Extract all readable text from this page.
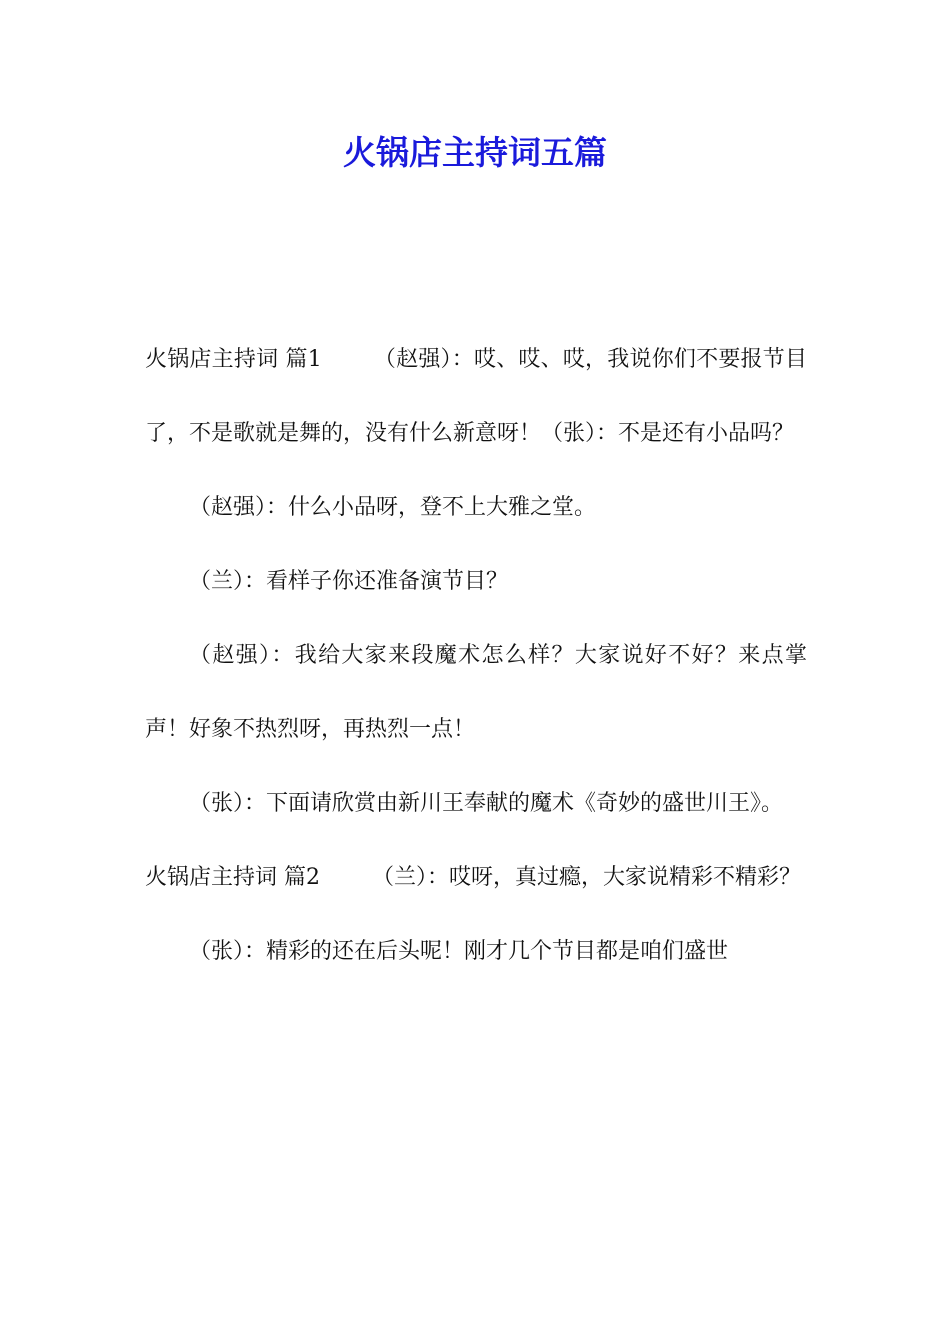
火锅店主持词五篇

火锅店主持词 篇1 （赵强）：哎、哎、哎，我说你们不要报节目了，不是歌就是舞的，没有什么新意呀！（张）：不是还有小品吗？

（赵强）：什么小品呀，登不上大雅之堂。

（兰）：看样子你还准备演节目？

（赵强）：我给大家来段魔术怎么样？大家说好不好？来点掌声！好象不热烈呀，再热烈一点！

（张）：下面请欣赏由新川王奉献的魔术《奇妙的盛世川王》。

火锅店主持词 篇2 （兰）：哎呀，真过瘾，大家说精彩不精彩？

（张）：精彩的还在后头呢！刚才几个节目都是咱们盛世
